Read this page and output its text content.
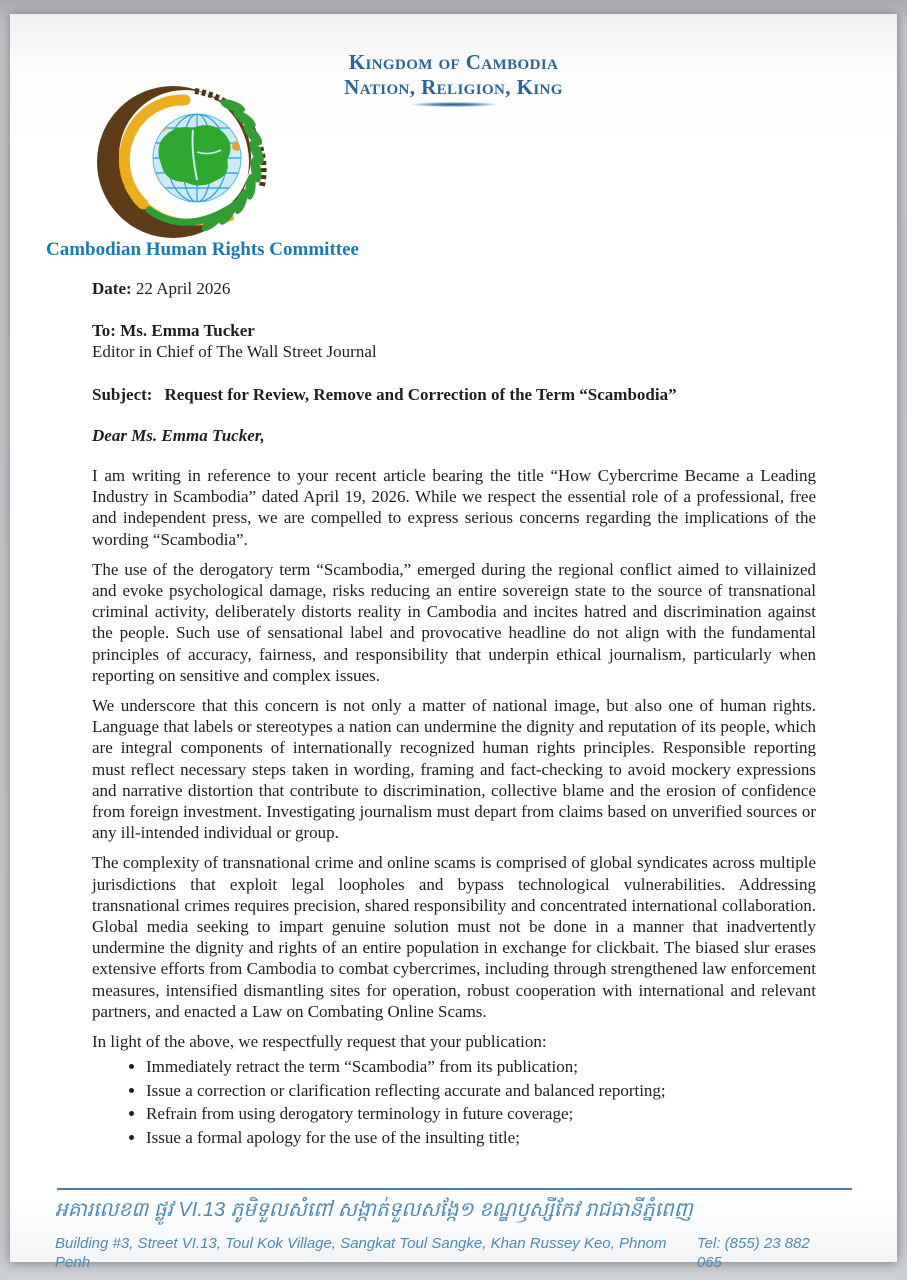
Kingdom of Cambodia
Nation, Religion, King
Cambodian Human Rights Committee

Date: 22 April 2026

To: Ms. Emma Tucker
Editor in Chief of The Wall Street Journal

Subject: Request for Review, Remove and Correction of the Term “Scambodia”

Dear Ms. Emma Tucker,

I am writing in reference to your recent article bearing the title “How Cybercrime Became a Leading Industry in Scambodia” dated April 19, 2026. While we respect the essential role of a professional, free and independent press, we are compelled to express serious concerns regarding the implications of the wording “Scambodia”.

The use of the derogatory term “Scambodia,” emerged during the regional conflict aimed to villainized and evoke psychological damage, risks reducing an entire sovereign state to the source of transnational criminal activity, deliberately distorts reality in Cambodia and incites hatred and discrimination against the people. Such use of sensational label and provocative headline do not align with the fundamental principles of accuracy, fairness, and responsibility that underpin ethical journalism, particularly when reporting on sensitive and complex issues.

We underscore that this concern is not only a matter of national image, but also one of human rights. Language that labels or stereotypes a nation can undermine the dignity and reputation of its people, which are integral components of internationally recognized human rights principles. Responsible reporting must reflect necessary steps taken in wording, framing and fact-checking to avoid mockery expressions and narrative distortion that contribute to discrimination, collective blame and the erosion of confidence from foreign investment. Investigating journalism must depart from claims based on unverified sources or any ill-intended individual or group.

The complexity of transnational crime and online scams is comprised of global syndicates across multiple jurisdictions that exploit legal loopholes and bypass technological vulnerabilities. Addressing transnational crimes requires precision, shared responsibility and concentrated international collaboration. Global media seeking to impart genuine solution must not be done in a manner that inadvertently undermine the dignity and rights of an entire population in exchange for clickbait. The biased slur erases extensive efforts from Cambodia to combat cybercrimes, including through strengthened law enforcement measures, intensified dismantling sites for operation, robust cooperation with international and relevant partners, and enacted a Law on Combating Online Scams.

In light of the above, we respectfully request that your publication:

• Immediately retract the term “Scambodia” from its publication;
• Issue a correction or clarification reflecting accurate and balanced reporting;
• Refrain from using derogatory terminology in future coverage;
• Issue a formal apology for the use of the insulting title;
អគារលេខ៣ ផ្លូវ VI.13 ភូមិទួលសំពៅ សង្កាត់ទួលសង្កែ១ ខណ្ឌឫស្សីកែវ រាជធានីភ្នំពេញ
Building #3, Street VI.13, Toul Kok Village, Sangkat Toul Sangke, Khan Russey Keo, Phnom Penh
Tel: (855) 23 882 065
